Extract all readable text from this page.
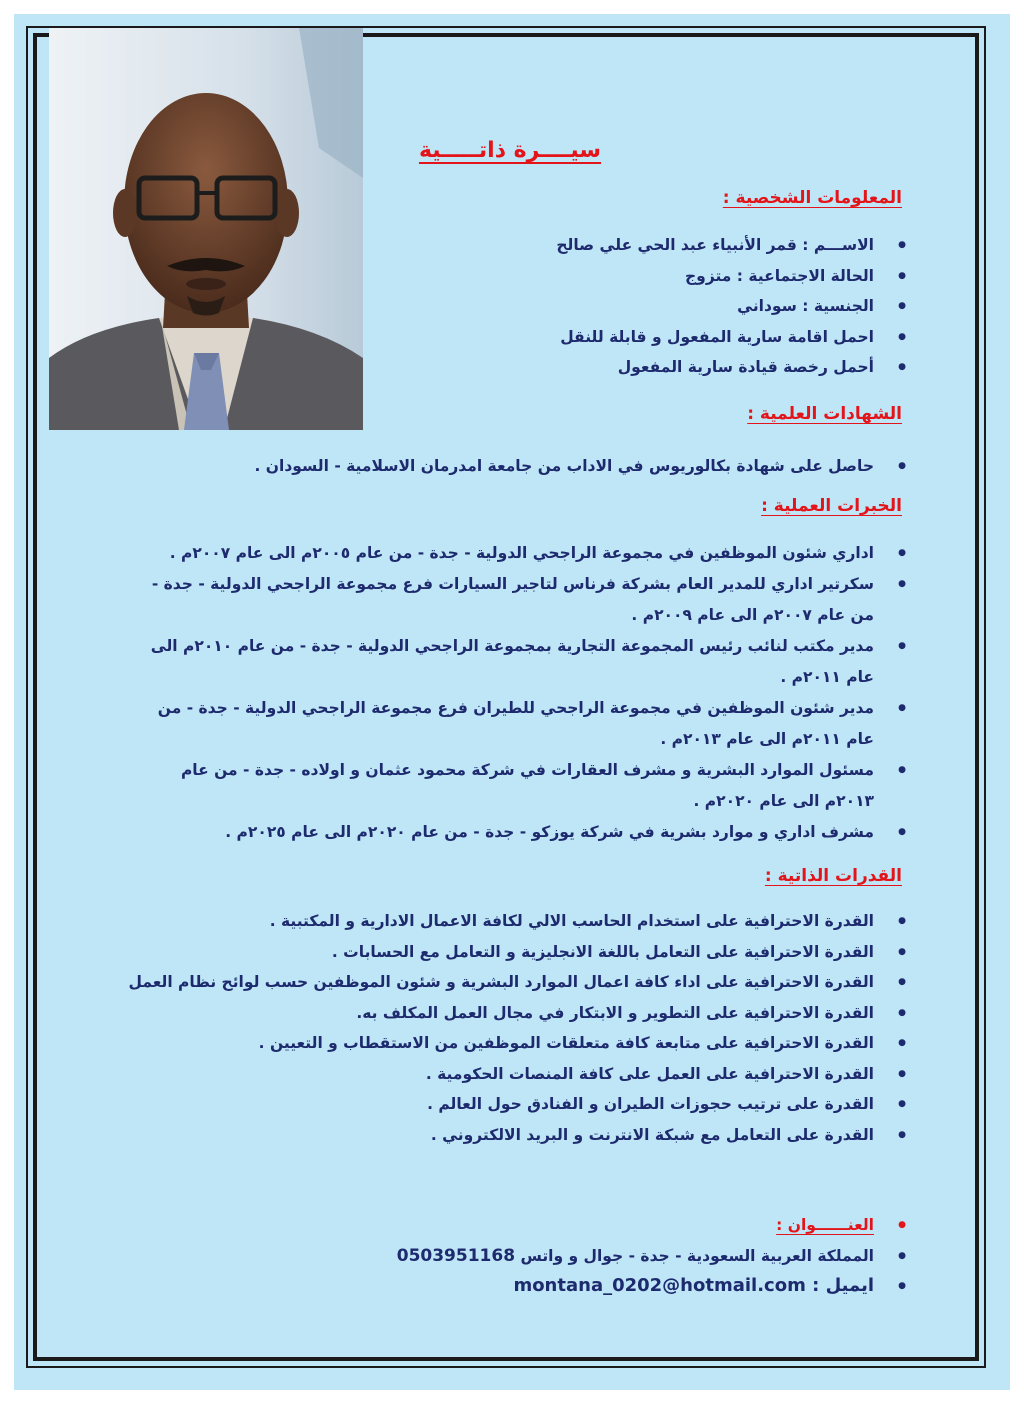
سيــــرة ذاتـــــية
المعلومات الشخصية :
● الاســـم : قمر الأنبياء عبد الحي علي صالح
● الحالة الاجتماعية : متزوج
● الجنسية : سوداني
● احمل اقامة سارية المفعول و قابلة للنقل
● أحمل رخصة قيادة سارية المفعول
الشهادات العلمية :
● حاصل على شهادة بكالوريوس في الاداب من جامعة امدرمان الاسلامية - السودان .
الخبرات العملية :
● اداري شئون الموظفين في مجموعة الراجحي الدولية - جدة - من عام ٢٠٠٥م الى عام ٢٠٠٧م .
● سكرتير اداري للمدير العام بشركة فرناس لتاجير السيارات فرع مجموعة الراجحي الدولية - جدة - من عام ٢٠٠٧م الى عام ٢٠٠٩م .
● مدير مكتب لنائب رئيس المجموعة التجارية بمجموعة الراجحي الدولية - جدة - من عام ٢٠١٠م الى عام ٢٠١١م .
● مدير شئون الموظفين في مجموعة الراجحي للطيران فرع مجموعة الراجحي الدولية - جدة - من عام ٢٠١١م الى عام ٢٠١٣م .
● مسئول الموارد البشرية و مشرف العقارات في شركة محمود عثمان و اولاده - جدة - من عام ٢٠١٣م الى عام ٢٠٢٠م .
● مشرف اداري و موارد بشرية في شركة يوزكو - جدة - من عام ٢٠٢٠م الى عام ٢٠٢٥م .
القدرات الذاتية :
● القدرة الاحترافية على استخدام الحاسب الالي لكافة الاعمال الادارية و المكتبية .
● القدرة الاحترافية على التعامل باللغة الانجليزية و التعامل مع الحسابات .
● القدرة الاحترافية على اداء كافة اعمال الموارد البشرية و شئون الموظفين حسب لوائح نظام العمل
● القدرة الاحترافية على التطوير و الابتكار في مجال العمل المكلف به.
● القدرة الاحترافية على متابعة كافة متعلقات الموظفين من الاستقطاب و التعيين .
● القدرة الاحترافية على العمل على كافة المنصات الحكومية .
● القدرة على ترتيب حجوزات الطيران و الفنادق حول العالم .
● القدرة على التعامل مع شبكة الانترنت و البريد الالكتروني .
● العنــــــوان :
● المملكة العربية السعودية - جدة - جوال و واتس 0503951168
● ايميل : montana_0202@hotmail.com
